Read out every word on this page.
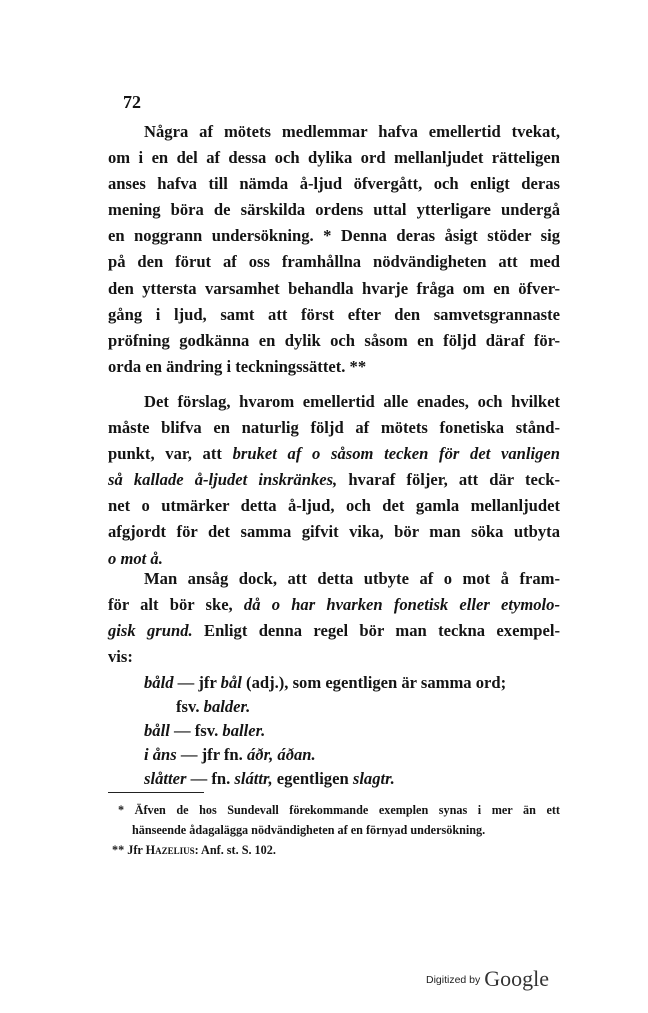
72
Några af mötets medlemmar hafva emellertid tvekat,
om i en del af dessa och dylika ord mellanljudet rätteligen
anses hafva till nämda å-ljud öfvergått, och enligt deras
mening böra de särskilda ordens uttal ytterligare undergå
en noggrann undersökning. * Denna deras åsigt stöder sig
på den förut af oss framhållna nödvändigheten att med
den yttersta varsamhet behandla hvarje fråga om en öfver-
gång i ljud, samt att först efter den samvetsgrannaste
pröfning godkänna en dylik och såsom en följd däraf för-
orda en ändring i teckningssättet. **
Det förslag, hvarom emellertid alle enades, och hvilket
måste blifva en naturlig följd af mötets fonetiska stånd-
punkt, var, att bruket af o såsom tecken för det vanligen
så kallade å-ljudet inskränkes, hvaraf följer, att där teck-
net o utmärker detta å-ljud, och det gamla mellanljudet
afgjordt för det samma gifvit vika, bör man söka utbyta
o mot å.
Man ansåg dock, att detta utbyte af o mot å fram-
för alt bör ske, då o har hvarken fonetisk eller etymolo-
gisk grund. Enligt denna regel bör man teckna exempel-
vis:
båld — jfr bål (adj.), som egentligen är samma ord;
fsv. balder.
båll — fsv. baller.
i åns — jfr fn. áðr, áðan.
slåtter — fn. sláttr, egentligen slagtr.
* Äfven de hos Sundevall förekommande exemplen synas i mer än ett
hänseende ådagalägga nödvändigheten af en förnyad undersökning.
** Jfr Hazelius: Anf. st. S. 102.
Digitized by Google
